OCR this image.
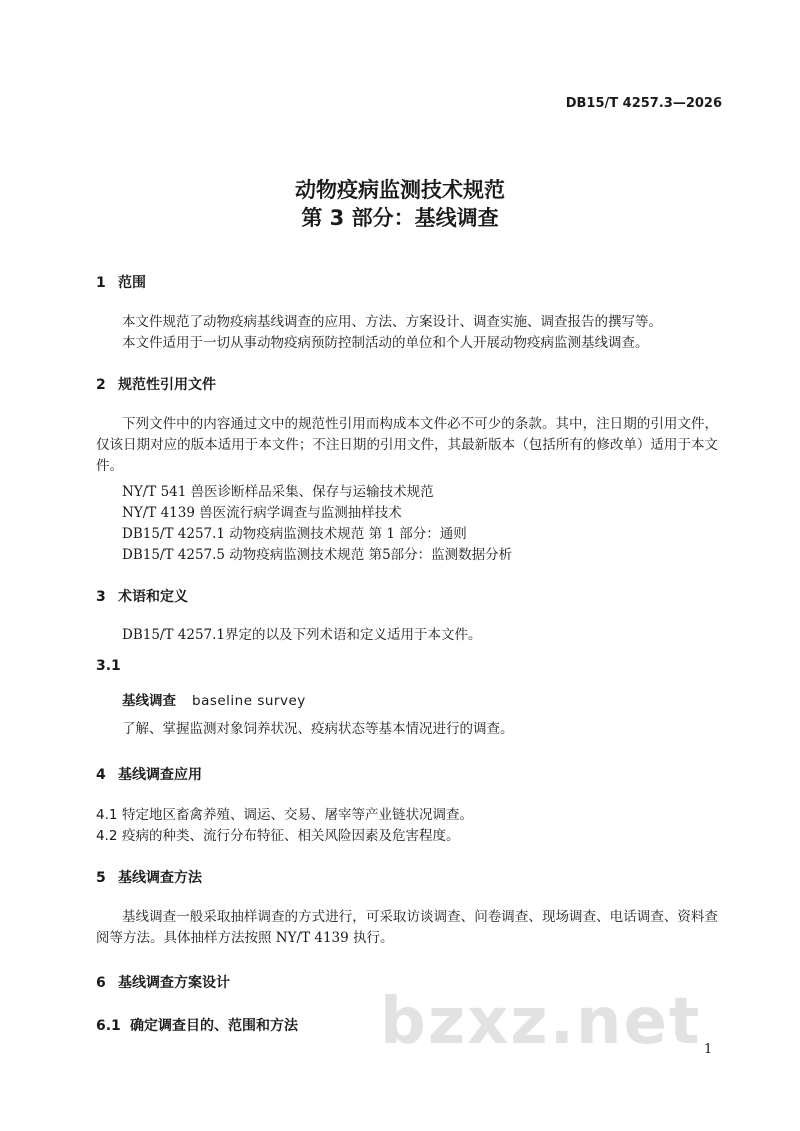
DB15/T 4257.3—2026
动物疫病监测技术规范
第 3 部分：基线调查
1 范围
本文件规范了动物疫病基线调查的应用、方法、方案设计、调查实施、调查报告的撰写等。
本文件适用于一切从事动物疫病预防控制活动的单位和个人开展动物疫病监测基线调查。
2 规范性引用文件
下列文件中的内容通过文中的规范性引用而构成本文件必不可少的条款。其中，注日期的引用文件，仅该日期对应的版本适用于本文件；不注日期的引用文件，其最新版本（包括所有的修改单）适用于本文件。
NY/T 541 兽医诊断样品采集、保存与运输技术规范
NY/T 4139 兽医流行病学调查与监测抽样技术
DB15/T 4257.1 动物疫病监测技术规范 第 1 部分：通则
DB15/T 4257.5 动物疫病监测技术规范 第5部分：监测数据分析
3 术语和定义
DB15/T 4257.1界定的以及下列术语和定义适用于本文件。
3.1
基线调查 baseline survey
了解、掌握监测对象饲养状况、疫病状态等基本情况进行的调查。
4 基线调查应用
4.1 特定地区畜禽养殖、调运、交易、屠宰等产业链状况调查。
4.2 疫病的种类、流行分布特征、相关风险因素及危害程度。
5 基线调查方法
基线调查一般采取抽样调查的方式进行，可采取访谈调查、问卷调查、现场调查、电话调查、资料查阅等方法。具体抽样方法按照 NY/T 4139 执行。
6 基线调查方案设计
6.1 确定调查目的、范围和方法 bzxz.net 1
